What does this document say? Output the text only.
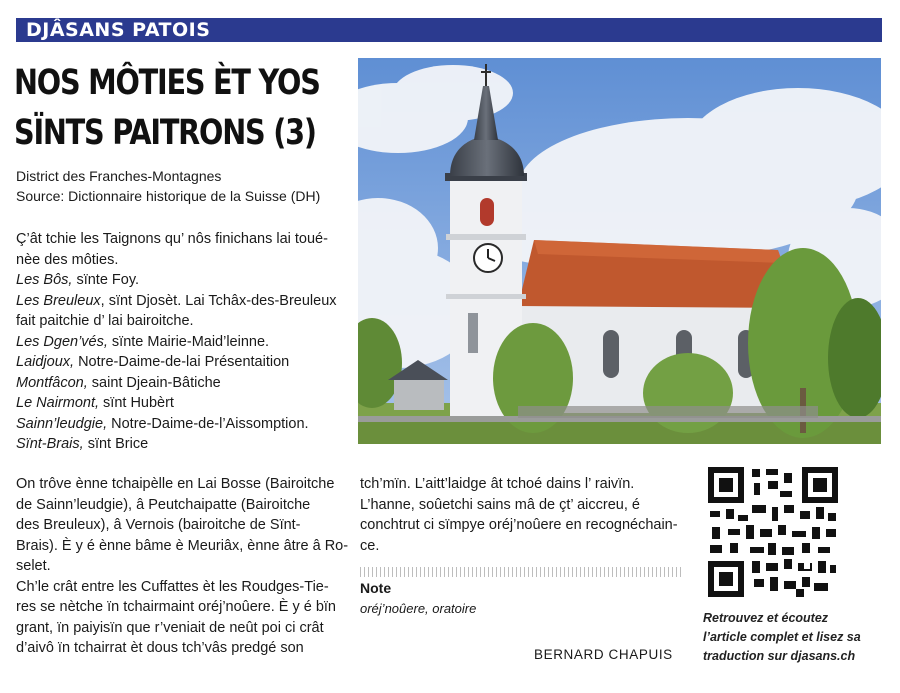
DJÂSANS PATOIS
NOS MÔTIES ÈT YOS
SÏNTS PAITRONS (3)
District des Franches-Montagnes
Source: Dictionnaire historique de la Suisse (DH)
Ç’ât tchie les Taignons qu’ nôs finichans lai toué-
nèe des môties.
Les Bôs, sïnte Foy.
Les Breuleux, sïnt Djosèt. Lai Tchâx-des-Breuleux
fait paitchie d’ lai bairoitche.
Les Dgen’vés, sïnte Mairie-Maid’leinne.
Laidjoux, Notre-Daime-de-lai Présentaition
Montfâcon, saint Djeain-Bâtiche
Le Nairmont, sïnt Hubèrt
Sainn’leudgie, Notre-Daime-de-l’Aissomption.
Sïnt-Brais, sïnt Brice
On trôve ènne tchaipèlle en Lai Bosse (Bairoitche
de Sainn’leudgie), â Peutchaipatte (Bairoitche
des Breuleux), â Vernois (bairoitche de Sïnt-
Brais). È y é ènne bâme è Meuriâx, ènne âtre â Ro-
selet.
Ch’le crât entre les Cuffattes èt les Roudges-Tie-
res se nètche ïn tchairmaint oréj’noûere. È y é bïn
grant, ïn paiyisïn que r’veniait de neût poi ci crât
d’aivô ïn tchairrat èt dous tch’vâs predgé son
tch’mïn. L’aitt’laidge ât tchoé dains l’ raivïn.
L’hanne, soûetchi sains mâ de çt’ aiccreu, é
conchtrut ci sïmpye oréj’noûere en recognéchain-
ce.
Note
oréj’noûere, oratoire
BERNARD CHAPUIS
Retrouvez et écoutez
l’article complet et lisez sa
traduction sur djasans.ch
